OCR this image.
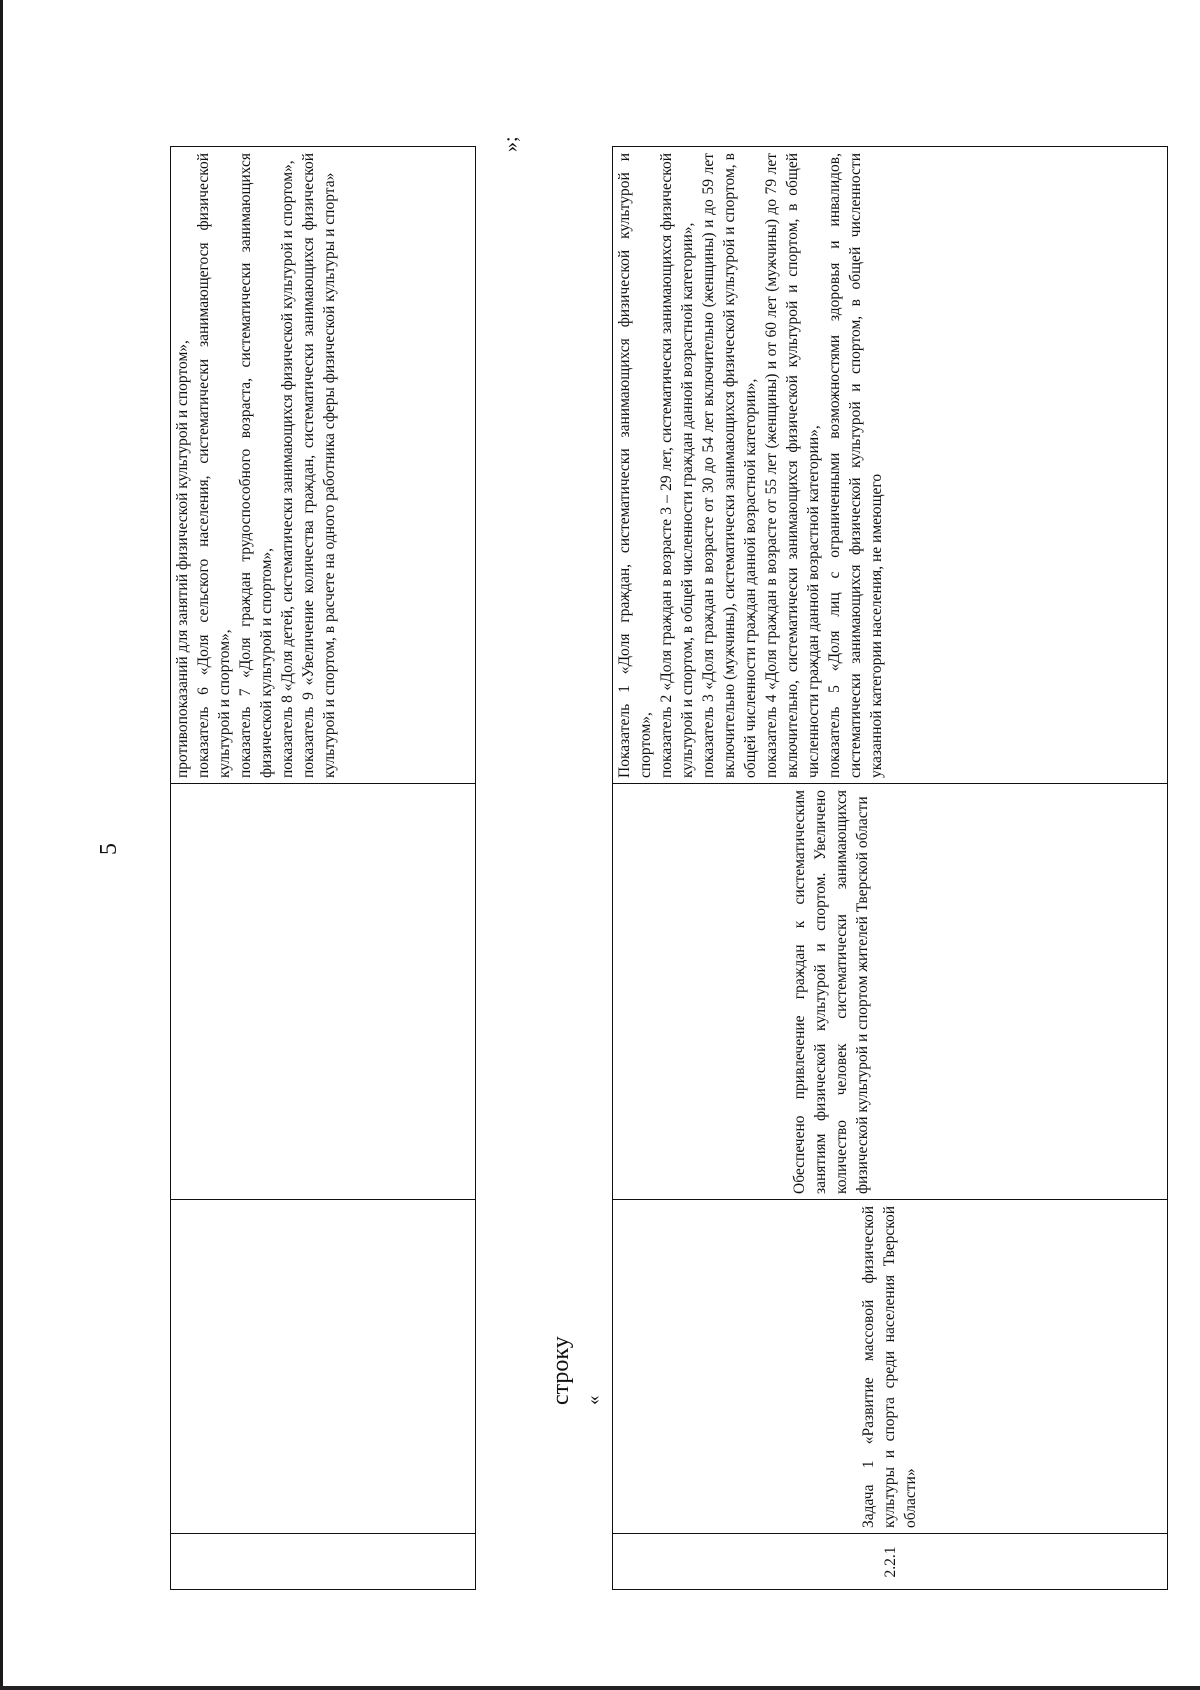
5

противопоказаний для занятий физической культурой и спортом», показатель 6 «Доля сельского населения, систематически занимающегося физической культурой и спортом», показатель 7 «Доля граждан трудоспособного возраста, систематически занимающихся физической культурой и спортом», показатель 8 «Доля детей, систематически занимающихся физической культурой и спортом», показатель 9 «Увеличение количества граждан, систематически занимающихся физической культурой и спортом, в расчете на одного работника сферы физической культуры и спорта»
»;
строку «
2.2.1	Задача 1 «Развитие массовой физической культуры и спорта среди населения Тверской области»	Обеспечено привлечение граждан к систематическим занятиям физической культурой и спортом. Увеличено количество человек систематически занимающихся физической культурой и спортом жителей Тверской области	
Показатель 1 «Доля граждан, систематически занимающихся физической культурой и спортом», показатель 2 «Доля граждан в возрасте 3 – 29 лет, систематически занимающихся физической культурой и спортом, в общей численности граждан данной возрастной категории», показатель 3 «Доля граждан в возрасте от 30 до 54 лет включительно (женщины) и до 59 лет включительно (мужчины), систематически занимающихся физической культурой и спортом, в общей численности граждан данной возрастной категории», показатель 4 «Доля граждан в возрасте от 55 лет (женщины) и от 60 лет (мужчины) до 79 лет включительно, систематически занимающихся физической культурой и спортом, в общей численности граждан данной возрастной категории», показатель 5 «Доля лиц с ограниченными возможностями здоровья и инвалидов, систематически занимающихся физической культурой и спортом, в общей численности указанной категории населения, не имеющего
